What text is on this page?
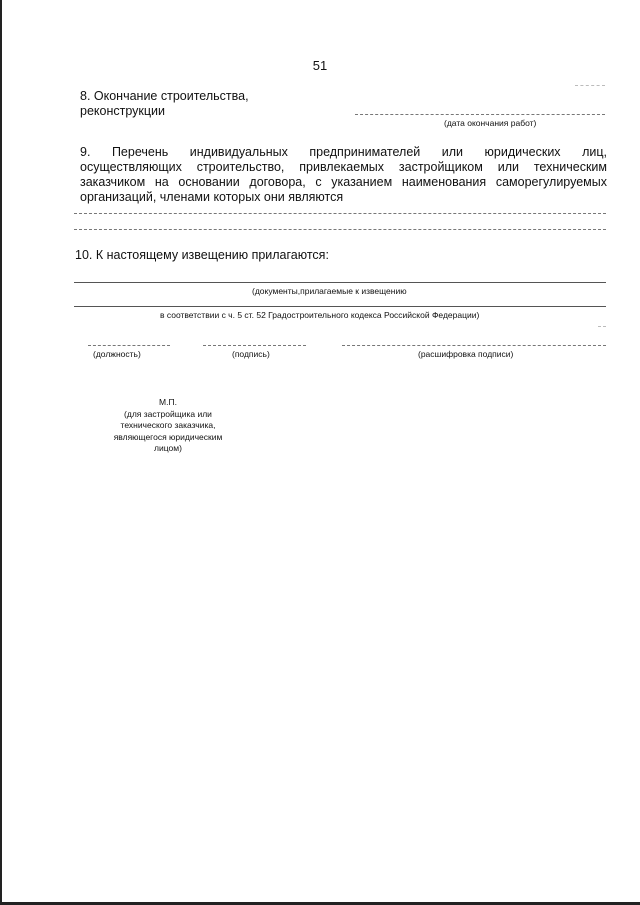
51
8. Окончание строительства,
реконструкции
(дата окончания работ)
9. Перечень индивидуальных предпринимателей или юридических лиц,
осуществляющих строительство, привлекаемых застройщиком или техническим
заказчиком на основании договора, с указанием наименования саморегулируемых
организаций, членами которых они являются
10. К настоящему извещению прилагаются:
(документы,прилагаемые к извещению
в соответствии с ч. 5 ст. 52 Градостроительного кодекса Российской Федерации)
(должность)	(подпись)	(расшифровка подписи)
М.П.
(для застройщика или
технического заказчика,
являющегося юридическим
лицом)
